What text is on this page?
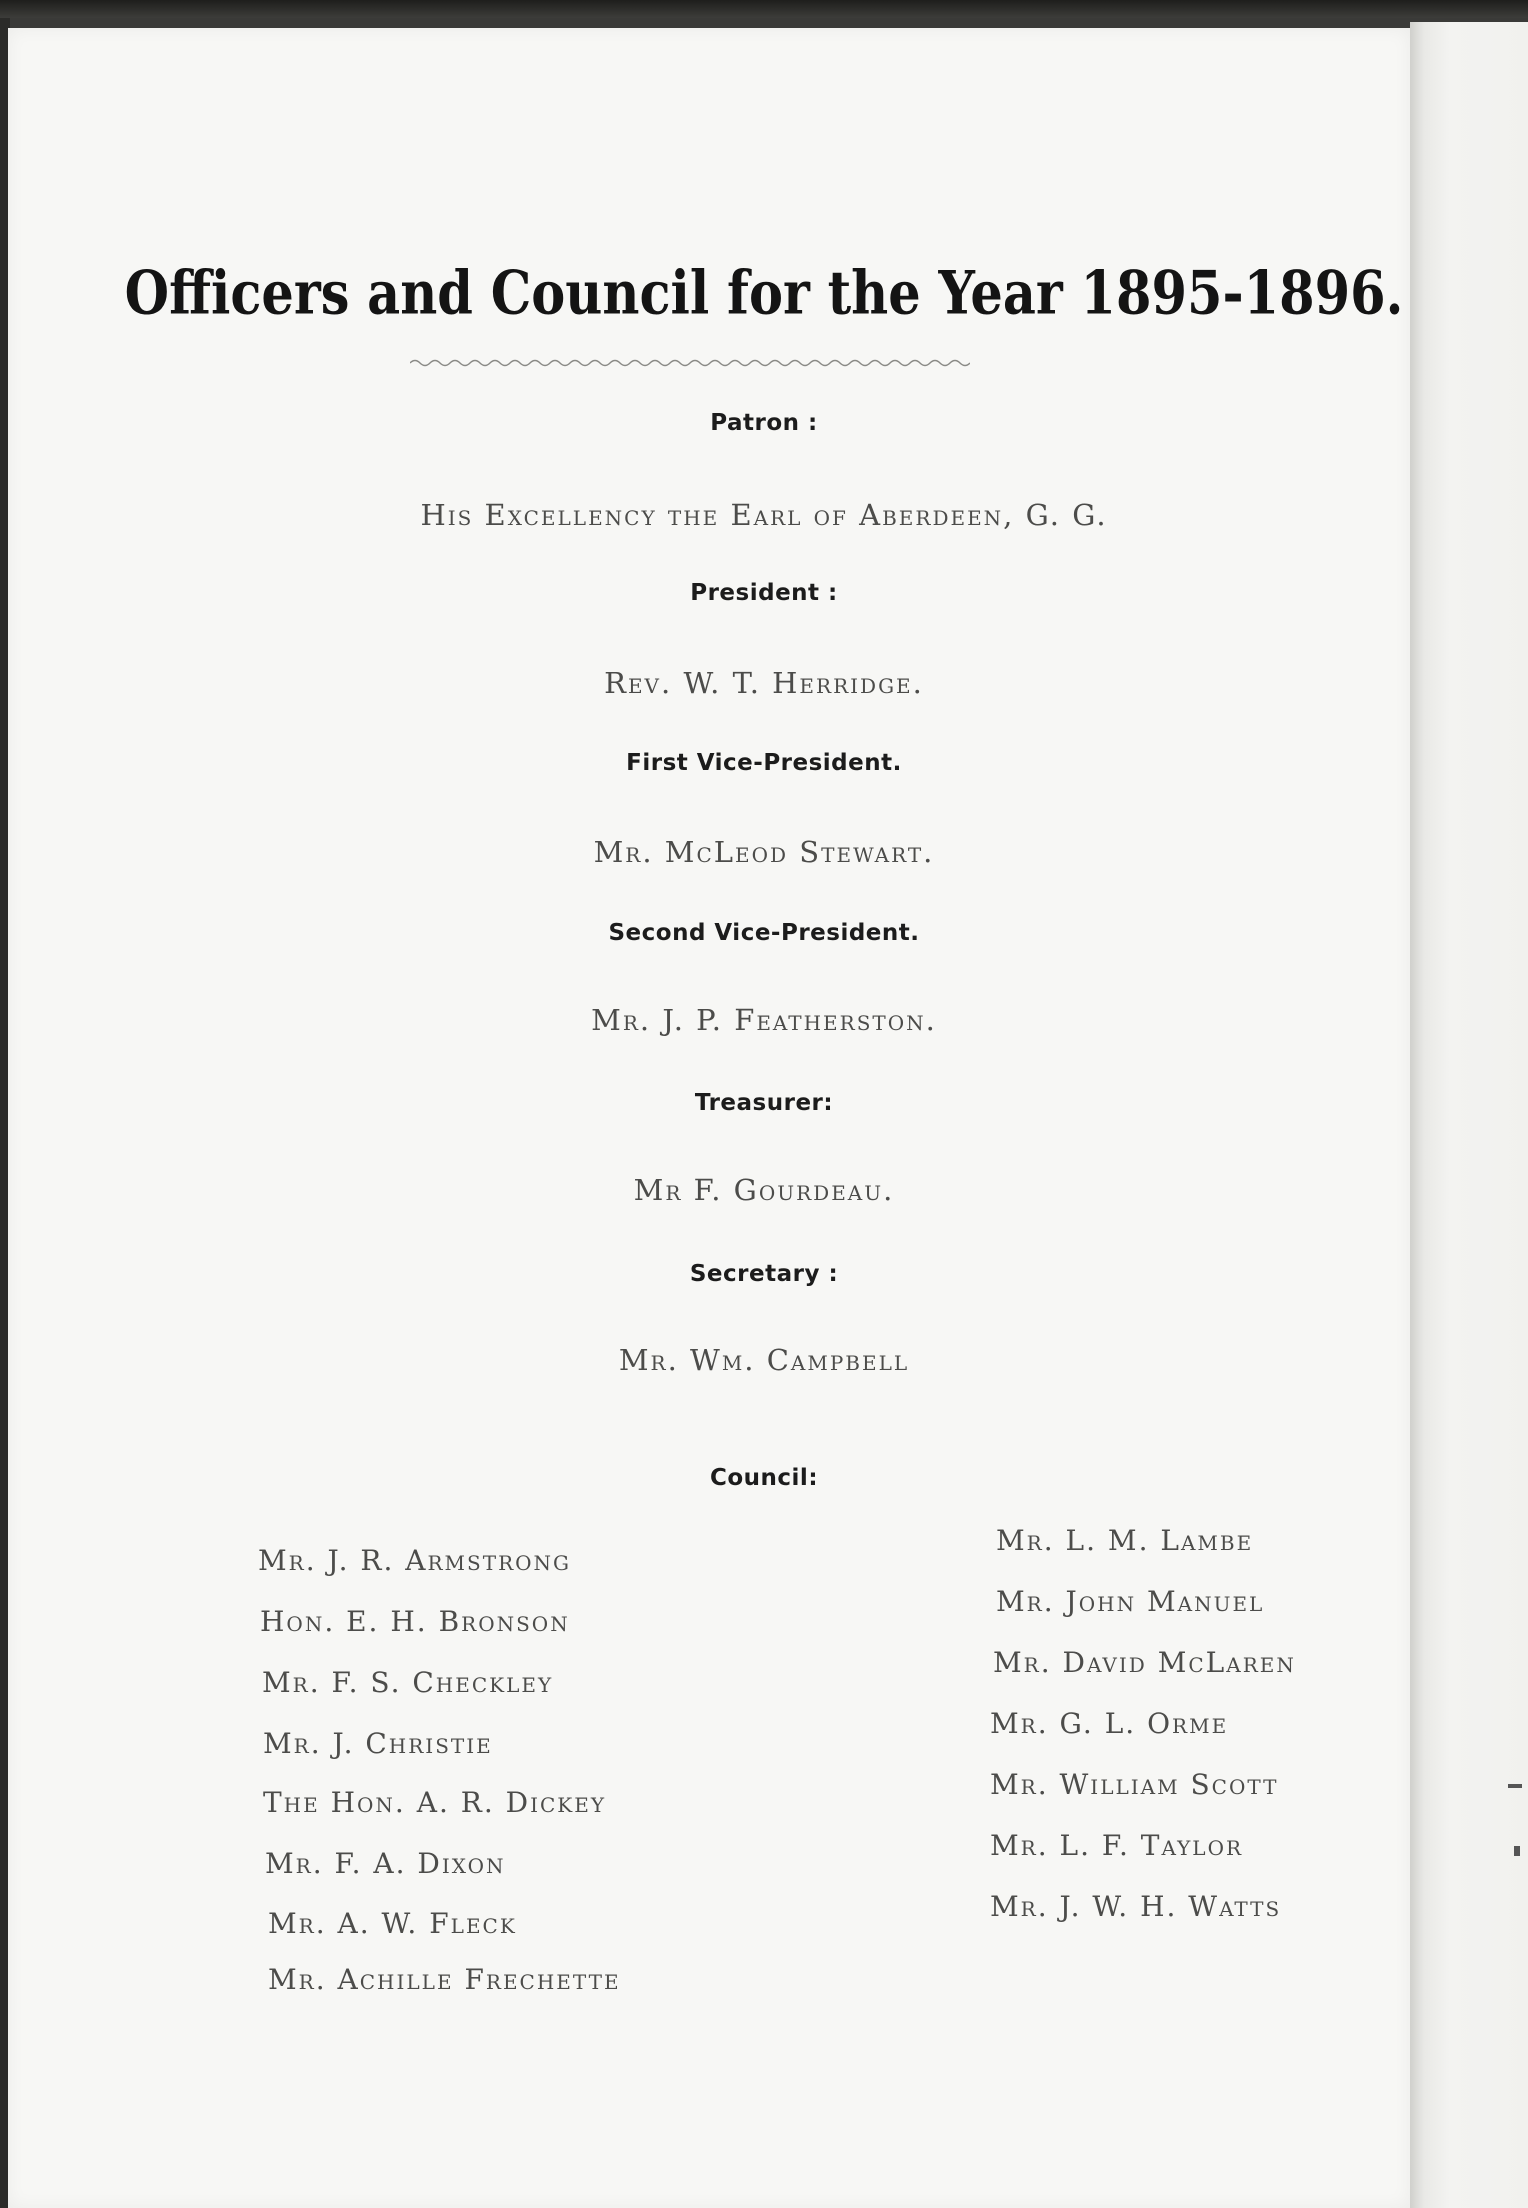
Officers and Council for the Year 1895-1896.
Patron :
His Excellency the Earl of Aberdeen, G. G.
President :
Rev. W. T. Herridge.
First Vice-President.
Mr. McLeod Stewart.
Second Vice-President.
Mr. J. P. Featherston.
Treasurer:
Mr F. Gourdeau.
Secretary :
Mr. Wm. Campbell
Council:
Mr. J. R. Armstrong
Hon. E. H. Bronson
Mr. F. S. Checkley
Mr. J. Christie
The Hon. A. R. Dickey
Mr. F. A. Dixon
Mr. A. W. Fleck
Mr. Achille Frechette
Mr. L. M. Lambe
Mr. John Manuel
Mr. David McLaren
Mr. G. L. Orme
Mr. William Scott
Mr. L. F. Taylor
Mr. J. W. H. Watts
